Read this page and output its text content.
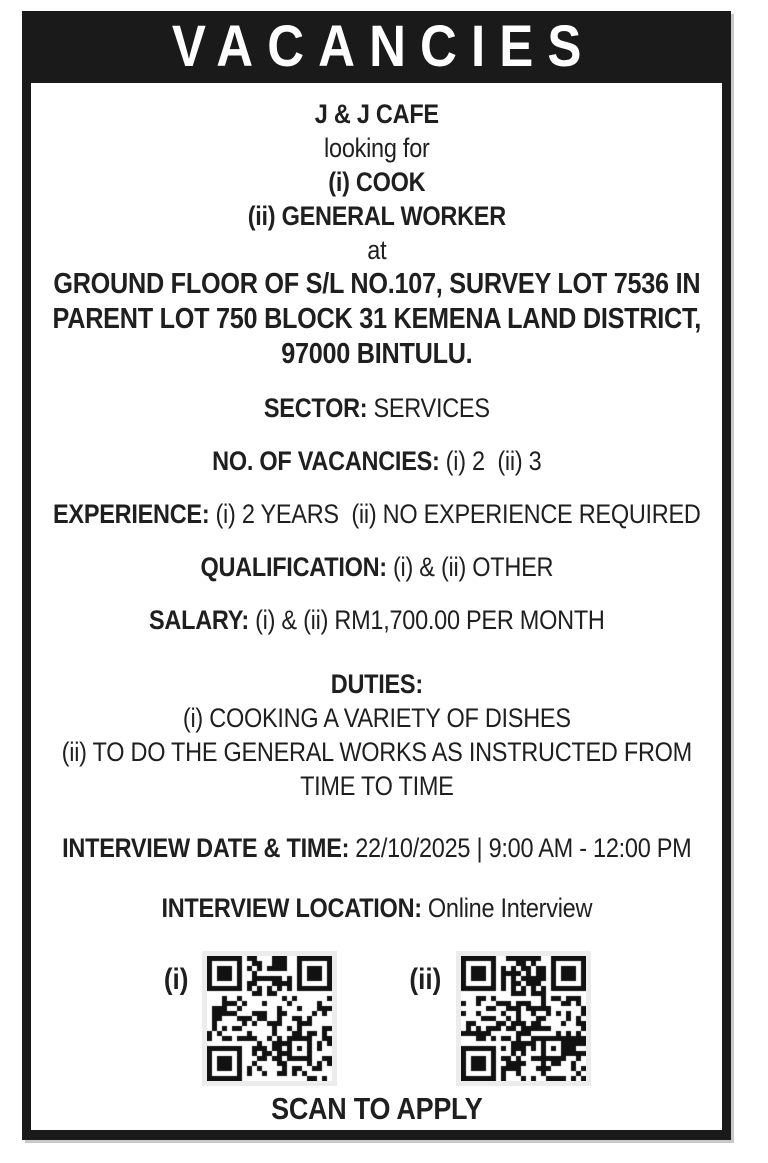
VACANCIES
J & J CAFE
looking for
(i) COOK
(ii) GENERAL WORKER
at
GROUND FLOOR OF S/L NO.107, SURVEY LOT 7536 IN
PARENT LOT 750 BLOCK 31 KEMENA LAND DISTRICT,
97000 BINTULU.
SECTOR: SERVICES
NO. OF VACANCIES: (i) 2  (ii) 3
EXPERIENCE: (i) 2 YEARS  (ii) NO EXPERIENCE REQUIRED
QUALIFICATION: (i) & (ii) OTHER
SALARY: (i) & (ii) RM1,700.00 PER MONTH
DUTIES:
(i) COOKING A VARIETY OF DISHES
(ii) TO DO THE GENERAL WORKS AS INSTRUCTED FROM
TIME TO TIME
INTERVIEW DATE & TIME: 22/10/2025 | 9:00 AM - 12:00 PM
INTERVIEW LOCATION: Online Interview
(i)	(ii)
SCAN TO APPLY
